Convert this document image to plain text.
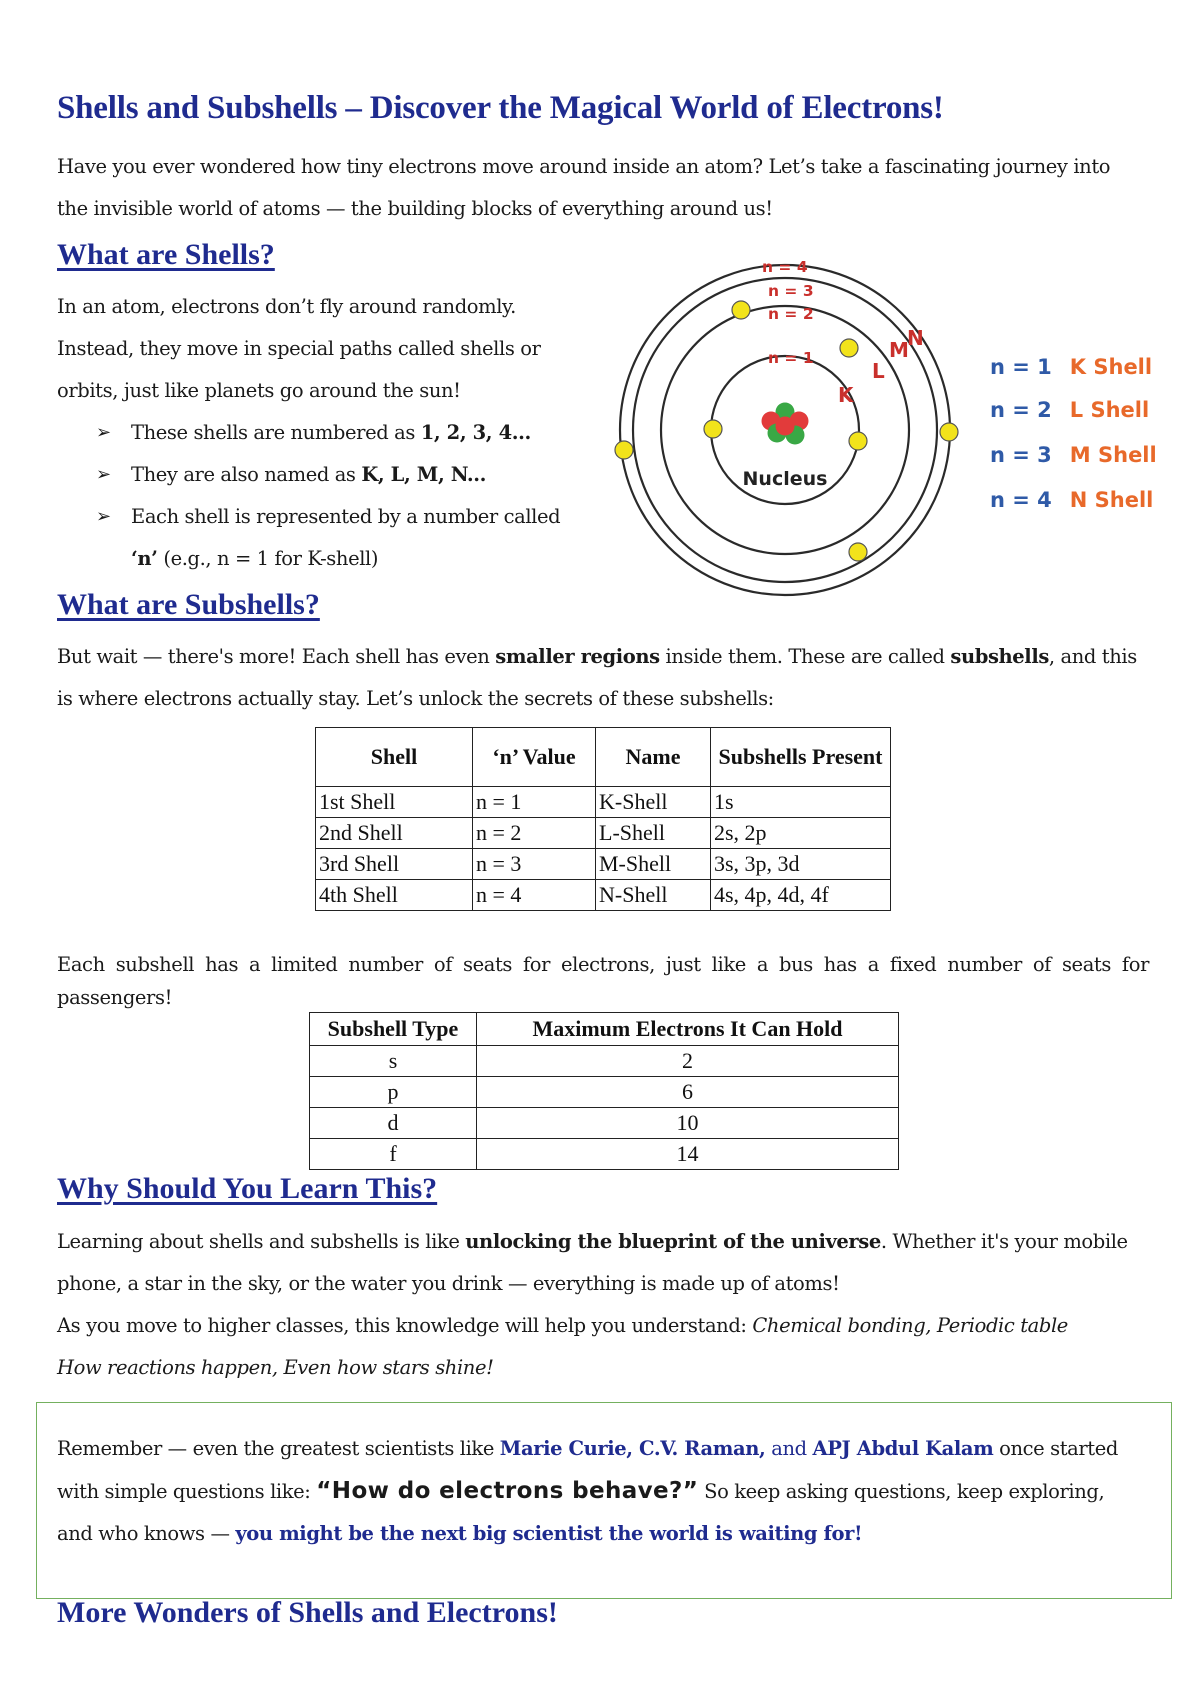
Shells and Subshells – Discover the Magical World of Electrons!
Have you ever wondered how tiny electrons move around inside an atom? Let’s take a fascinating journey into
the invisible world of atoms — the building blocks of everything around us!
What are Shells?
In an atom, electrons don’t fly around randomly.
Instead, they move in special paths called shells or
orbits, just like planets go around the sun!
➢ These shells are numbered as 1, 2, 3, 4...
➢ They are also named as K, L, M, N...
➢ Each shell is represented by a number called
‘n’ (e.g., n = 1 for K-shell)
Nucleus
n = 1
n = 2
n = 3
n = 4
K
L
M
N
n = 1 K Shell
n = 2 L Shell
n = 3 M Shell
n = 4 N Shell
What are Subshells?
But wait — there's more! Each shell has even smaller regions inside them. These are called subshells, and this
is where electrons actually stay. Let’s unlock the secrets of these subshells:
Shell	‘n’ Value	Name	Subshells Present
1st Shell	n = 1	K-Shell	1s
2nd Shell	n = 2	L-Shell	2s, 2p
3rd Shell	n = 3	M-Shell	3s, 3p, 3d
4th Shell	n = 4	N-Shell	4s, 4p, 4d, 4f
Each subshell has a limited number of seats for electrons, just like a bus has a fixed number of seats for
passengers!
Subshell Type	Maximum Electrons It Can Hold
s	2
p	6
d	10
f	14
Why Should You Learn This?
Learning about shells and subshells is like unlocking the blueprint of the universe. Whether it's your mobile
phone, a star in the sky, or the water you drink — everything is made up of atoms!
As you move to higher classes, this knowledge will help you understand: Chemical bonding, Periodic table
How reactions happen, Even how stars shine!
Remember — even the greatest scientists like Marie Curie, C.V. Raman, and APJ Abdul Kalam once started
with simple questions like: “How do electrons behave?” So keep asking questions, keep exploring,
and who knows — you might be the next big scientist the world is waiting for!
More Wonders of Shells and Electrons!
